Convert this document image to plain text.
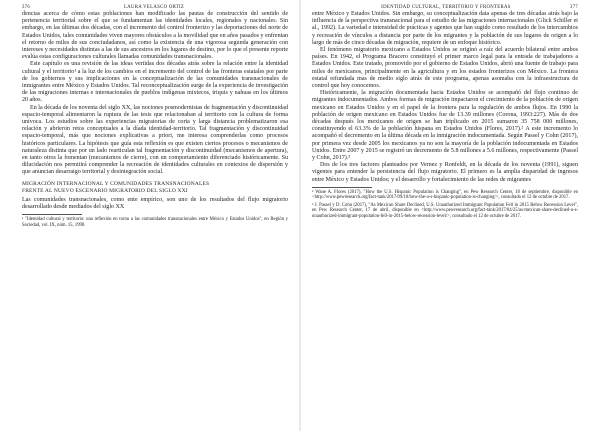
376	LAURA VELASCO ORTIZ

dencias acerca de cómo estas poblaciones han modificado las pautas de construcción del sentido de pertenencia territorial sobre el que se fundamentan las identidades locales, regionales y nacionales. Sin embargo, en las últimas dos décadas, con el incremento del control fronterizo y las deportaciones del norte de Estados Unidos, tales comunidades viven mayores obstáculos a la movilidad que en años pasados y enfrentan el retorno de miles de sus conciudadanos, así como la existencia de una vigorosa segunda generación con intereses y necesidades distintas a las de sus ancestros en los lugares de destino, por lo que el presente reporte evalúa estas configuraciones culturales llamadas comunidades transnacionales.

Este capítulo es una revisión de las ideas vertidas dos décadas atrás sobre la relación entre la identidad cultural y el territorio¹ a la luz de los cambios en el incremento del control de las fronteras estatales por parte de los gobiernos y sus implicaciones en la conceptualización de las comunidades transnacionales de inmigrantes entre México y Estados Unidos. Tal reconceptualización surge de la experiencia de investigación de las migraciones internas e internacionales de pueblos indígenas mixtecos, triquis y nahuas en los últimos 20 años.

En la década de los noventa del siglo XX, las nociones posmodernistas de fragmentación y discontinuidad espacio-temporal alimentaron la ruptura de las tesis que relacionaban al territorio con la cultura de forma unívoca. Los estudios sobre las experiencias migratorias de corta y larga distancia problematizaron esa relación y abrieron retos conceptuales a la díada identidad-territorio. Tal fragmentación y discontinuidad espacio-temporal, más que nociones explicativas a priori, me interesa comprenderlas como procesos históricos particulares. La hipótesis que guía esta reflexión es que existen ciertos procesos o mecanismos de naturaleza distinta que por un lado rearticulan tal fragmentación y discontinuidad (mecanismos de apertura), en tanto otros la fomentan (mecanismos de cierre), con un comportamiento diferenciado históricamente. Su dilucidación nos permitirá comprender la recreación de identidades culturales en contextos de dispersión y que anuncian desarraigo territorial y desintegración social.

MIGRACIÓN INTERNACIONAL Y COMUNIDADES TRANSNACIONALES
FRENTE AL NUEVO ESCENARIO MIGRATORIO DEL SIGLO XXI

Las comunidades transnacionales, como ente empírico, son uno de los resultados del flujo migratorio desarrollado desde mediados del siglo XX

¹ "Identidad cultural y territorio: una reflexión en torno a las comunidades transnacionales entre México y Estados Unidos", en Región y Sociedad, vol. IX, núm. 15, 1998.

IDENTIDAD CULTURAL, TERRITORIO Y FRONTERAS	377

entre México y Estados Unidos. Sin embargo, su conceptualización data apenas de tres décadas atrás bajo la influencia de la perspectiva transnacional para el estudio de las migraciones internacionales (Glick Schiller et al., 1992). La variedad e intensidad de prácticas y agentes que han sugido como resultado de los intercambios y recreación de vínculos a distancia por parte de los migrantes y la población de sus lugares de origen a lo largo de más de cinco décadas de migración, requiere de un enfoque histórico.

El fenómeno migratorio mexicano a Estados Unidos se originó a raíz del acuerdo bilateral entre ambos países. En 1942, el Programa Bracero constituyó el primer marco legal para la entrada de trabajadores a Estados Unidos. Este tratado, promovido por el gobierno de Estados Unidos, abrió una fuente de trabajo para miles de mexicanos, principalmente en la agricultura y en los estados fronterizos con México. La frontera estatal refundada mas de medio siglo atrás de este programa, apenas asomaba con la infraestructura de control que hoy conocemos.

Históricamente, la migración documentada hacia Estados Unidos se acompañó del flujo continuo de migrantes indocumentados. Ambos formas de migración impactaron el crecimiento de la población de origen mexicano en Estados Unidos y en el papel de la frontera para la regulación de ambos flujos. En 1990 la población de origen mexicano en Estados Unidos fue de 13.39 millones (Corona, 1993:227). Más de dos décadas después los mexicanos de origen se han triplicado en 2015 sumaron 35 758 000 millones, constituyendo el 63.3% de la población hispana en Estados Unidos (Flores, 2017).² A este incremento lo acompañó el decremento en la última década en la inmigración indocumentada. Según Passel y Cohn (2017), por primera vez desde 2005 los mexicanos ya no son la mayoría de la población indocumentada en Estados Unidos. Entre 2007 y 2015 se registró un decremento de 5.8 millones a 5.6 millones, respectivamente (Passel y Cohn, 2017).³

Dos de los tres factores planteados por Vernez y Ronfeldt, en la década de los noventa (1991), siguen vigentes para entender la persistencia del flujo migratorio. El primero es la amplia disparidad de ingresos entre México y Estados Unidos; y el desarrollo y fortalecimiento de las redes de migrantes

² Wane A. Flores (2017), "How the U.S. Hispanic Population is Changing", en Pew Research Center, 18 de septiembre, disponible en <http://www.pewresearch.org/fact-tank/2017/09/18/how-the-u-s-hispanic-population-is-changing/>, consultado el 12 de octubre de 2017.

³ J. Passel y D. Cohn (2017), "As Mexican Share Declined, U.S. Unauthorized Immigrant Population Fell in 2015 Below Recession Level", en Pew Research Center, 17 de abril, disponible en <http://www.pewresearch.org/fact-tank/2017/04/25/as-mexican-share-declined-u-s-unauthorized-immigrant-population-fell-in-2015-below-recession-level/>, consultado el 12 de octubre de 2017.
